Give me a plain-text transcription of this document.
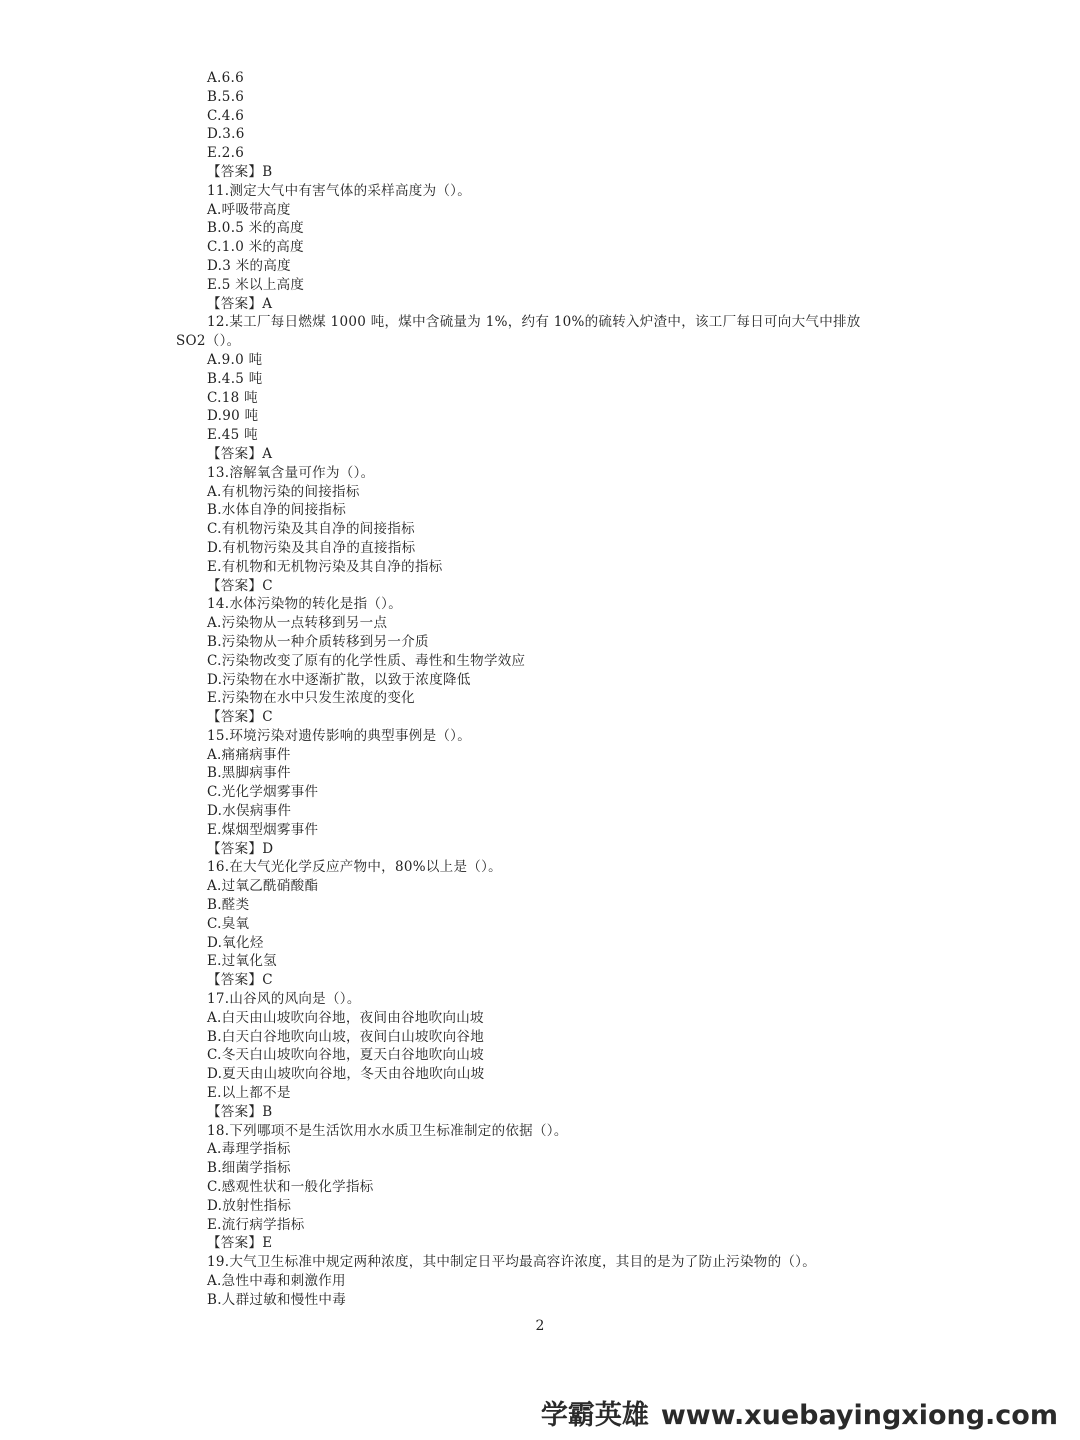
A.6.6
B.5.6
C.4.6
D.3.6
E.2.6
【答案】B
11.测定大气中有害气体的采样高度为（）。
A.呼吸带高度
B.0.5 米的高度
C.1.0 米的高度
D.3 米的高度
E.5 米以上高度
【答案】A
12.某工厂每日燃煤 1000 吨，煤中含硫量为 1%，约有 10%的硫转入炉渣中，该工厂每日可向大气中排放
SO2（）。
A.9.0 吨
B.4.5 吨
C.18 吨
D.90 吨
E.45 吨
【答案】A
13.溶解氧含量可作为（）。
A.有机物污染的间接指标
B.水体自净的间接指标
C.有机物污染及其自净的间接指标
D.有机物污染及其自净的直接指标
E.有机物和无机物污染及其自净的指标
【答案】C
14.水体污染物的转化是指（）。
A.污染物从一点转移到另一点
B.污染物从一种介质转移到另一介质
C.污染物改变了原有的化学性质、毒性和生物学效应
D.污染物在水中逐渐扩散，以致于浓度降低
E.污染物在水中只发生浓度的变化
【答案】C
15.环境污染对遗传影响的典型事例是（）。
A.痛痛病事件
B.黑脚病事件
C.光化学烟雾事件
D.水俣病事件
E.煤烟型烟雾事件
【答案】D
16.在大气光化学反应产物中，80%以上是（）。
A.过氧乙酰硝酸酯
B.醛类
C.臭氧
D.氧化烃
E.过氧化氢
【答案】C
17.山谷风的风向是（）。
A.白天由山坡吹向谷地，夜间由谷地吹向山坡
B.白天白谷地吹向山坡，夜间白山坡吹向谷地
C.冬天白山坡吹向谷地，夏天白谷地吹向山坡
D.夏天由山坡吹向谷地，冬天由谷地吹向山坡
E.以上都不是
【答案】B
18.下列哪项不是生活饮用水水质卫生标准制定的依据（）。
A.毒理学指标
B.细菌学指标
C.感观性状和一般化学指标
D.放射性指标
E.流行病学指标
【答案】E
19.大气卫生标准中规定两种浓度，其中制定日平均最高容许浓度，其目的是为了防止污染物的（）。
A.急性中毒和刺激作用
B.人群过敏和慢性中毒
2
学霸英雄 www.xuebayingxiong.com
